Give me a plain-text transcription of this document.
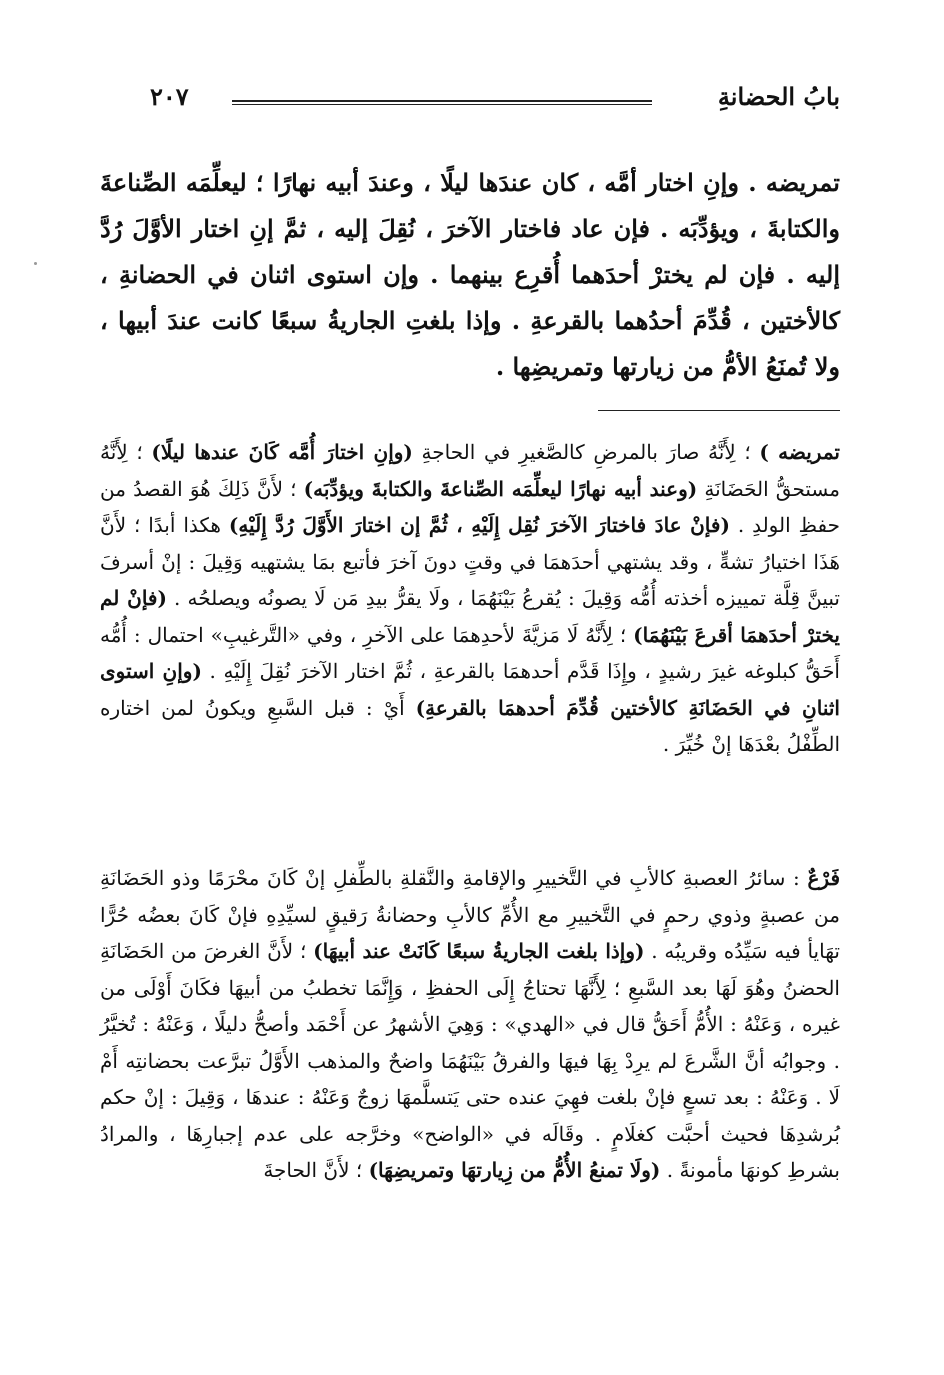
بابُ الحضانةِ
٢٠٧
تمريضه . وإنِ اختار أمَّه ، كان عندَها ليلًا ، وعندَ أبيه نهارًا ؛ ليعلِّمَه الصِّناعةَ والكتابةَ ، ويؤدِّبَه . فإن عاد فاختار الآخرَ ، نُقِلَ إليه ، ثمَّ إنِ اختار الأوَّلَ رُدَّ إليه . فإن لم يخترْ أحدَهما أُقرِع بينهما . وإن استوى اثنان في الحضانةِ ، كالأختين ، قُدِّمَ أحدُهما بالقرعةِ . وإذا بلغتِ الجاريةُ سبعًا كانت عندَ أبيها ، ولا تُمنَعُ الأمُّ من زيارتها وتمريضِها .

تمريضه ) ؛ لِأَنَّهُ صارَ بالمرضِ كالصَّغيرِ في الحاجةِ (وإنِ اختارَ أُمَّه كَانَ عندها ليلًا) ؛ لِأَنَّهُ مستحقُّ الحَضَانَةِ (وعند أبيه نهارًا ليعلِّمَه الصِّناعةَ والكتابةَ ويؤدِّبَه) ؛ لأَنَّ ذَلِكَ هُوَ القصدُ من حفظِ الولدِ . (فإنْ عادَ فاختارَ الآخرَ نُقِل إِلَيْهِ ، ثُمَّ إن اختارَ الأَوَّلَ رُدَّ إِلَيْهِ) هكذا أبدًا ؛ لأَنَّ هَذَا اختيارُ تشهٍّ ، وقد يشتهي أحدَهمَا في وقتٍ دونَ آخرَ فأتبع بمَا يشتهيه وَقِيلَ : إنْ أسرفَ تبينَّ قِلَّة تمييزه أخذته أُمُّه وَقِيلَ : يُقرعُ بَيْنَهُمَا ، ولَا يقرُّ بيدِ مَن لَا يصونُه ويصلحُه . (فإنْ لم يخترْ أحدَهمَا أقرعَ بَيْنَهُمَا) ؛ لِأَنَّهُ لَا مَزيَّةَ لأحدِهمَا على الآخرِ ، وفي «التَّرغيبِ» احتمال : أُمُّه أَحَقُّ كبلوغه غيرَ رشيدٍ ، وإِذَا قَدَّم أحدهمَا بالقرعةِ ، ثُمَّ اختار الآخرَ نُقِلَ إِلَيْهِ . (وإنِ استوى اثنانِ في الحَضَانَةِ كالأختين قُدِّمَ أحدهمَا بالقرعةِ) أَيْ : قبل السَّبعِ ويكونُ لمن اختاره الطِّفْلُ بعْدَهَا إنْ خُيِّرَ .

فَرْعٌ : سائرُ العصبةِ كالأبِ في التَّخييرِ والإقامةِ والنَّقلةِ بالطِّفلِ إنْ كَانَ محْرَمًا وذو الحَضَانَةِ من عصبةٍ وذوي رحمٍ في التَّخييرِ مع الأُمِّ كالأبِ وحضانةُ رَقيقٍ لسيِّدِهِ فإنْ كَانَ بعضُه حُرًّا تهَايأ فيه سَيِّدُه وقريبُه . (وإذا بلغت الجاريةُ سبعًا كَانَتْ عند أبيهَا) ؛ لأَنَّ الغرضَ من الحَضَانَةِ الحضنُ وهُوَ لَهَا بعد السَّبعِ ؛ لِأَنَّهَا تحتاجُ إِلَى الحفظِ ، وَإِنَّمَا تخطبُ من أبيهَا فكَانَ أَوْلَى من غيره ، وَعَنْهُ : الأُمُّ أَحَقُّ قال في «الهدي» : وَهِيَ الأشهرُ عن أَحْمَد وأصحُّ دليلًا ، وَعَنْهُ : تُخيَّرُ . وجوابُه أنَّ الشَّرعَ لم يرِدْ بِهَا فيهَا والفرقُ بَيْنَهُمَا واضحٌ والمذهب الأَوَّلُ تبرَّعت بحضانتِه أَمْ لَا . وَعَنْهُ : بعد تسعٍ فإنْ بلغت فهِيَ عنده حتى يَتسلَّمهَا زوجٌ وَعَنْهُ : عندهَا ، وَقِيلَ : إنْ حكم بُرشدِهَا فحيث أحبَّت كغلَامٍ . وقَالَه في «الواضح» وخرَّجه على عدم إجبارِهَا ، والمرادُ بشرطِ كونهَا مأمونةً . (ولَا تمنعُ الأُمُّ من زِيارتهَا وتمريضِهَا) ؛ لأَنَّ الحاجةَ
